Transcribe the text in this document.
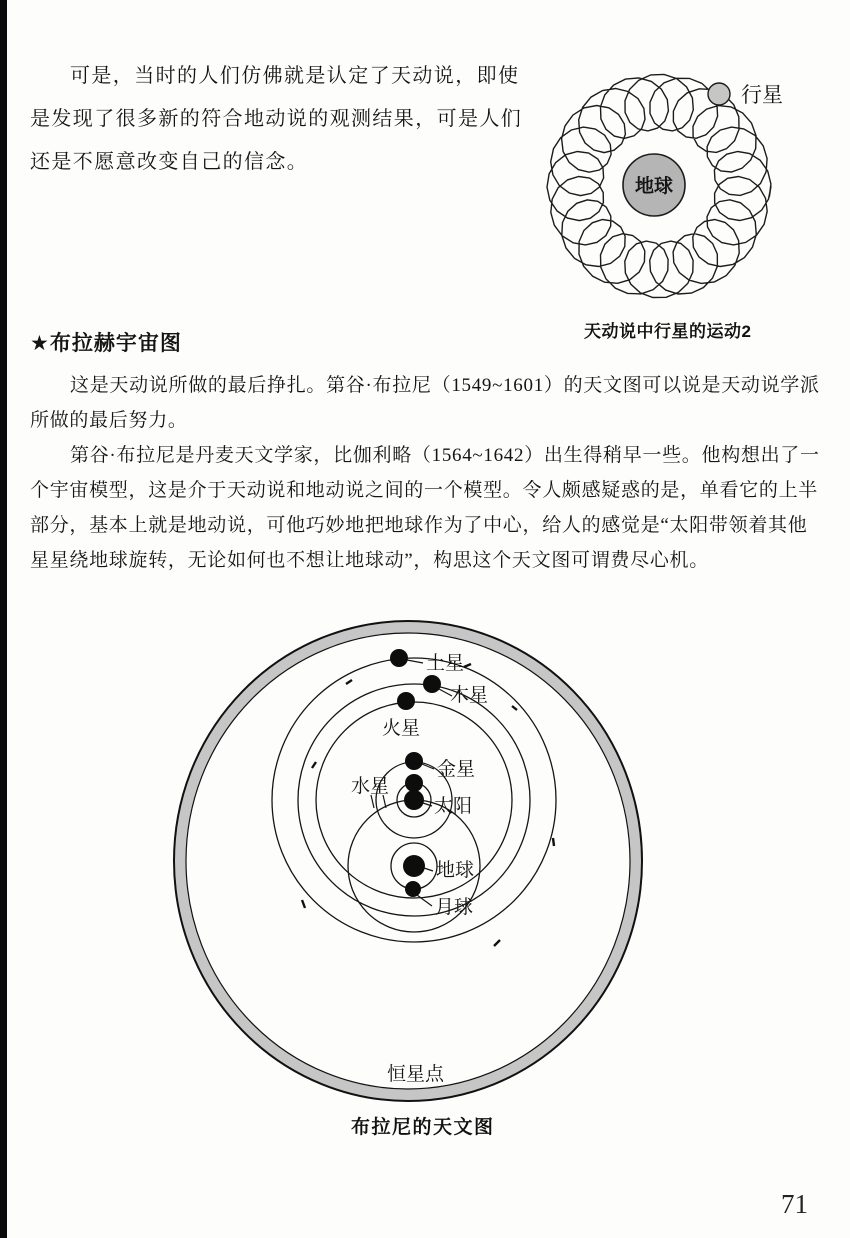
可是，当时的人们仿佛就是认定了天动说，即使
是发现了很多新的符合地动说的观测结果，可是人们
还是不愿意改变自己的信念。
地球
行星
天动说中行星的运动2
★布拉赫宇宙图
这是天动说所做的最后挣扎。第谷·布拉尼（1549~1601）的天文图可以说是天动说学派
所做的最后努力。
第谷·布拉尼是丹麦天文学家，比伽利略（1564~1642）出生得稍早一些。他构想出了一
个宇宙模型，这是介于天动说和地动说之间的一个模型。令人颇感疑惑的是，单看它的上半
部分，基本上就是地动说，可他巧妙地把地球作为了中心，给人的感觉是“太阳带领着其他
星星绕地球旋转，无论如何也不想让地球动”，构思这个天文图可谓费尽心机。
土星
木星
火星
金星
水星
太阳
地球
月球
恒星点
布拉尼的天文图
71
